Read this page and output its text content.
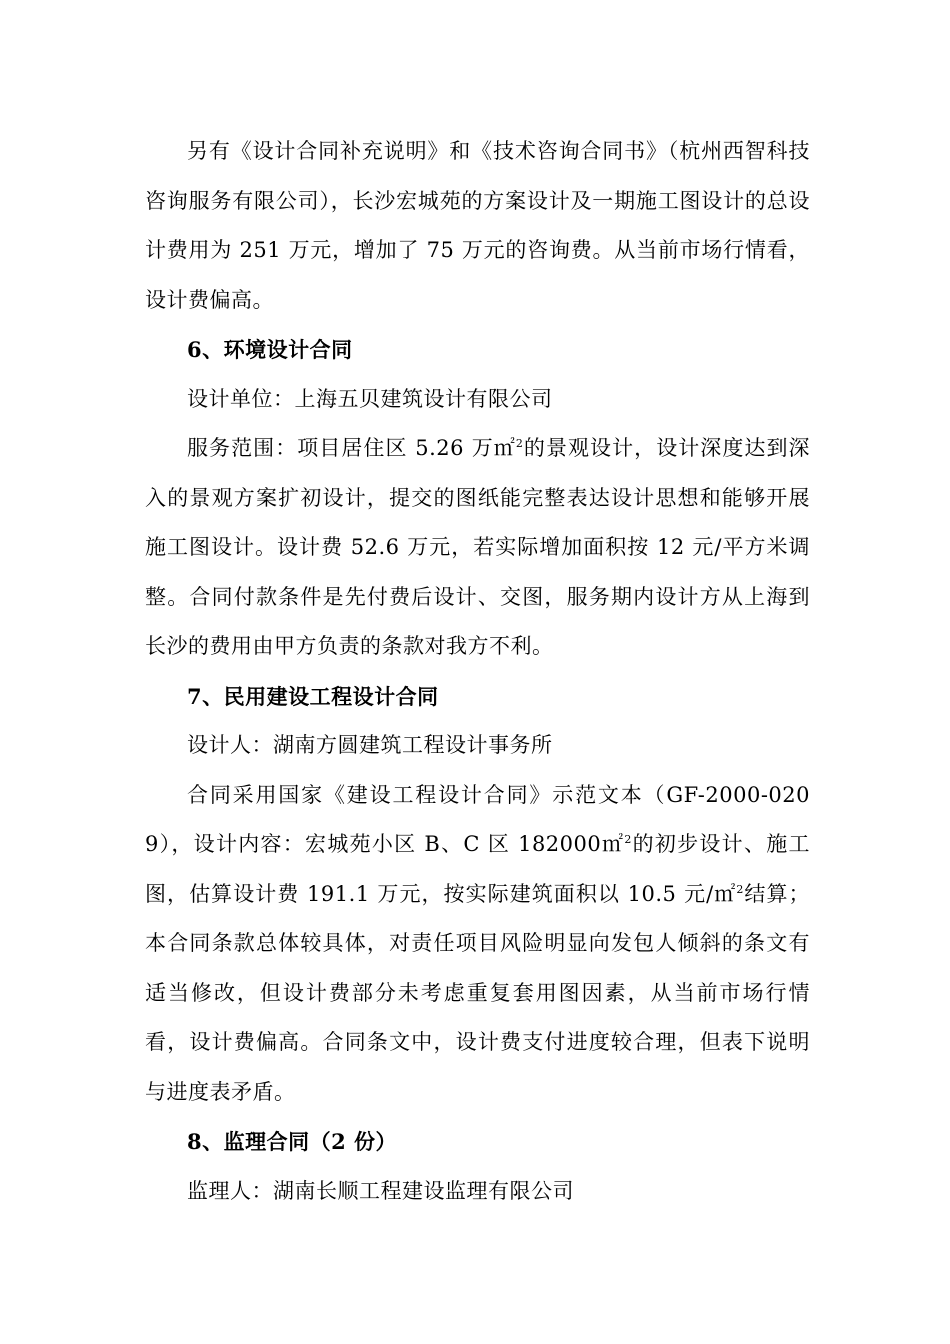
另有《设计合同补充说明》和《技术咨询合同书》（杭州西智科技咨询服务有限公司），长沙宏城苑的方案设计及一期施工图设计的总设计费用为 251 万元，增加了 75 万元的咨询费。从当前市场行情看，设计费偏高。

6、环境设计合同

设计单位：上海五贝建筑设计有限公司

服务范围：项目居住区 5.26 万㎡$^2$的景观设计，设计深度达到深入的景观方案扩初设计，提交的图纸能完整表达设计思想和能够开展施工图设计。设计费 52.6 万元，若实际增加面积按 12 元/平方米调整。合同付款条件是先付费后设计、交图，服务期内设计方从上海到长沙的费用由甲方负责的条款对我方不利。

7、民用建设工程设计合同

设计人：湖南方圆建筑工程设计事务所

合同采用国家《建设工程设计合同》示范文本（GF-2000-0209），设计内容：宏城苑小区 B、C 区 182000㎡$^2$的初步设计、施工图，估算设计费 191.1 万元，按实际建筑面积以 10.5 元/㎡$^2$结算；本合同条款总体较具体，对责任项目风险明显向发包人倾斜的条文有适当修改，但设计费部分未考虑重复套用图因素，从当前市场行情看，设计费偏高。合同条文中，设计费支付进度较合理，但表下说明与进度表矛盾。

8、监理合同（2 份）

监理人：湖南长顺工程建设监理有限公司
